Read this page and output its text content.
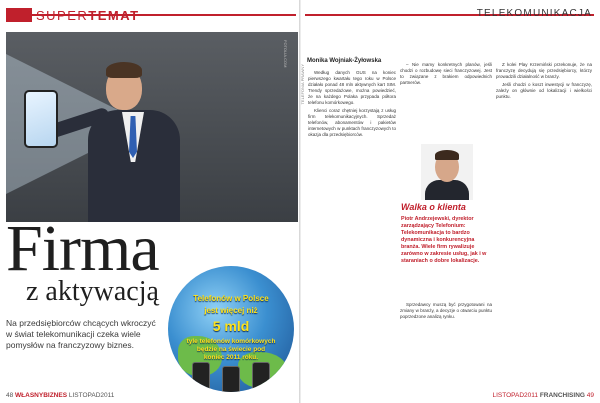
SUPERTEMAT
FOTOLIA.COM
Firma
z aktywacją
Na przedsiębiorców chcących wkroczyć w świat telekomunikacji czeka wiele pomysłów na franczyzowy biznes.
Telefonów w Polsce
jest więcej niż
5 mld
tyle telefonów komórkowych będzie na świecie pod koniec 2011 roku.
48 WŁASNYBIZNES LISTOPAD2011
TELEKOMUNIKACJA
TELEFONIA PRAWNY
Monika Wojniak-Żyłowska

Według danych GUS na koniec pierwszego kwartału tego roku w Polsce działało ponad 48 mln aktywnych kart SIM. Trendy sprzedażowe, można powiedzieć, że na każdego Polaka przypada półtora telefonu komórkowego.

Klienci coraz chętniej korzystają z usług firm telekomunikacyjnych. Sprzedaż telefonów, abonamentów i pakietów internetowych w punktach franczyzowych to okazja dla przedsiębiorców.

– Nie mamy konkretnych planów, jeśli chodzi o rozbudowę sieci franczyzowej. Jest to związane z brakiem odpowiednich partnerów.

Walka o klienta
Piotr Andrzejewski, dyrektor zarządzający Telefonium: Telekomunikacja to bardzo dynamiczna i konkurencyjna branża. Wiele firm rywalizuje zarówno w zakresie usług, jak i w staraniach o dobre lokalizacje.

Sprzedawcy muszą być przygotowani na zmiany w branży, a decyzje o otwarciu punktu poprzedzone analizą rynku.

Z kolei Play Krzemiński przekonuje, że na franczyzę decydują się przedsiębiorcy, którzy prowadzili działalność w branży.

Jeśli chodzi o koszt inwestycji w franczyzę, zależy on głównie od lokalizacji i wielkości punktu.

LISTOPAD2011 FRANCHISING 49
